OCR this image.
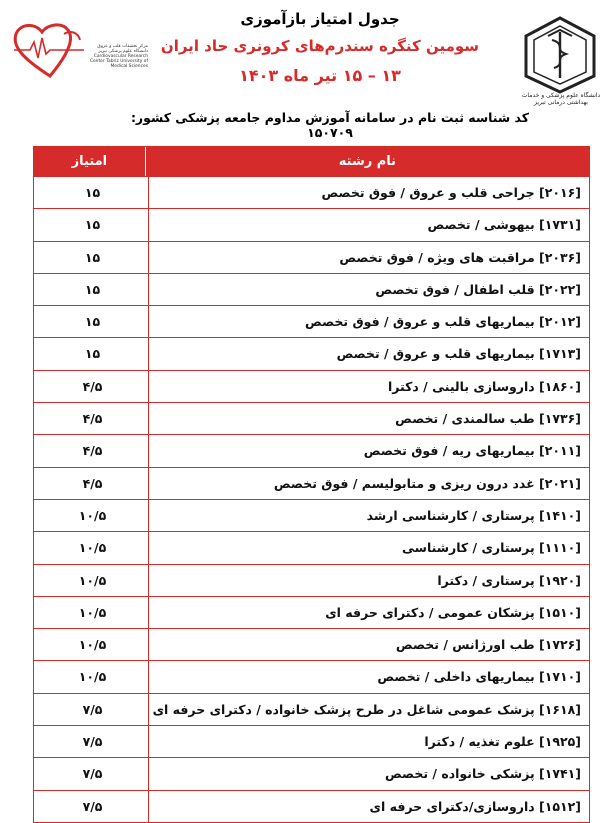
مرکز تحقیقات قلب و عروق دانشگاه علوم پزشکی تبریز Cardiovascular Research Center Tabriz University of Medical Sciences
جدول امتیاز بازآموزی
سومین کنگره سندرم‌های کرونری حاد ایران
۱۳ – ۱۵ تیر ماه ۱۴۰۳
کد شناسه ثبت نام در سامانه آموزش مداوم جامعه پزشکی کشور: ۱۵۰۷۰۹
دانشگاه علوم پزشکی و خدمات بهداشتی درمانی تبریز
نام رشته
امتیاز
[۲۰۱۶] جراحی قلب و عروق / فوق تخصص
۱۵
[۱۷۳۱] بیهوشی / تخصص
۱۵
[۲۰۳۶] مراقبت های ویژه / فوق تخصص
۱۵
[۲۰۲۲] قلب اطفال / فوق تخصص
۱۵
[۲۰۱۲] بیماریهای قلب و عروق / فوق تخصص
۱۵
[۱۷۱۳] بیماریهای قلب و عروق / تخصص
۱۵
[۱۸۶۰] داروسازی بالینی / دکترا
۴/۵
[۱۷۳۶] طب سالمندی / تخصص
۴/۵
[۲۰۱۱] بیماریهای ریه / فوق تخصص
۴/۵
[۲۰۲۱] غدد درون ریزی و متابولیسم / فوق تخصص
۴/۵
[۱۴۱۰] پرستاری / کارشناسی ارشد
۱۰/۵
[۱۱۱۰] پرستاری / کارشناسی
۱۰/۵
[۱۹۲۰] پرستاری / دکترا
۱۰/۵
[۱۵۱۰] پزشکان عمومی / دکترای حرفه ای
۱۰/۵
[۱۷۲۶] طب اورژانس / تخصص
۱۰/۵
[۱۷۱۰] بیماریهای داخلی / تخصص
۱۰/۵
[۱۶۱۸] پزشک عمومی شاغل در طرح پزشک خانواده / دکترای حرفه ای
۷/۵
[۱۹۲۵] علوم تغذیه / دکترا
۷/۵
[۱۷۴۱] پزشکی خانواده / تخصص
۷/۵
[۱۵۱۲] داروسازی/دکترای حرفه ای
۷/۵
